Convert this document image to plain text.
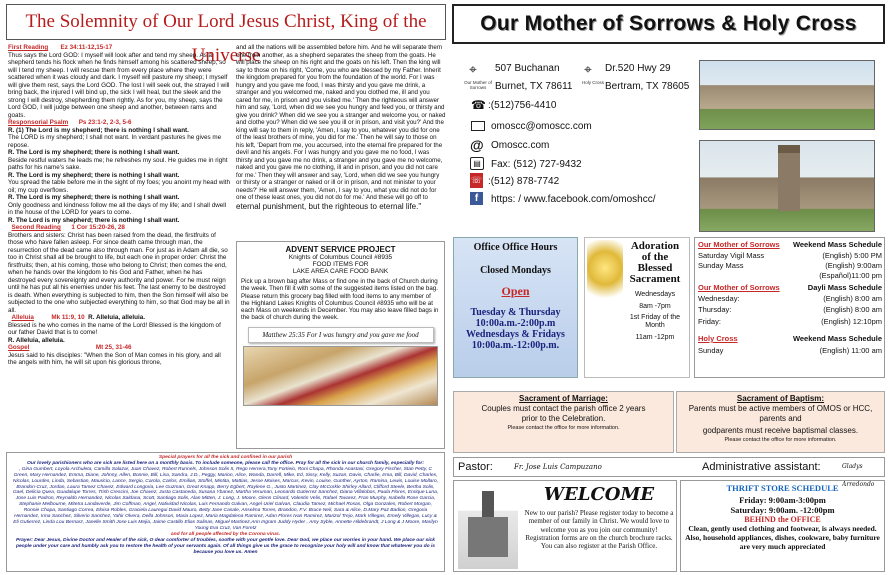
The Solemnity of Our Lord Jesus Christ, King of the Universe
First Reading Ez 34:11-12,15-17
Thus says the Lord GOD: I myself will look after and tend my sheep. As a shepherd tends his flock when he finds himself among his scattered sheep, so will I tend my sheep. I will rescue them from every place where they were scattered when it was cloudy and dark. I myself will pasture my sheep; I myself will give them rest, says the Lord GOD. The lost I will seek out, the strayed I will bring back, the injured I will bind up, the sick I will heal, but the sleek and the strong I will destroy, shepherding them rightly. As for you, my sheep, says the Lord GOD, I will judge between one sheep and another, between rams and goats.
Responsorial Psalm Ps 23:1-2, 2-3, 5-6
R. (1) The Lord is my shepherd; there is nothing I shall want.
The LORD is my shepherd; I shall not want. In verdant pastures he gives me repose.
R. The Lord is my shepherd; there is nothing I shall want.
Beside restful waters he leads me; he refreshes my soul. He guides me in right paths for his name's sake.
R. The Lord is my shepherd; there is nothing I shall want.
You spread the table before me in the sight of my foes; you anoint my head with oil; my cup overflows.
R. The Lord is my shepherd; there is nothing I shall want.
Only goodness and kindness follow me all the days of my life; and I shall dwell in the house of the LORD for years to come.
R. The Lord is my shepherd; there is nothing I shall want.
Second Reading 1 Cor 15:20-26, 28
Brothers and sisters: Christ has been raised from the dead, the firstfruits of those who have fallen asleep. For since death came through man, the resurrection of the dead came also through man. For just as in Adam all die, so too in Christ shall all be brought to life, but each one in proper order: Christ the firstfruits; then, at his coming, those who belong to Christ; then comes the end, when he hands over the kingdom to his God and Father, when he has destroyed every sovereignty and every authority and power. For he must reign until he has put all his enemies under his feet. The last enemy to be destroyed is death. When everything is subjected to him, then the Son himself will also be subjected to the one who subjected everything to him, so that God may be all in all.
Alleluia	Mk 11:9, 10 R. Alleluia, alleluia.
Blessed is he who comes in the name of the Lord! Blessed is the kingdom of our father David that is to come!
R. Alleluia, alleluia.
Gospel	Mt 25, 31-46
Jesus said to his disciples: "When the Son of Man comes in his glory, and all the angels with him, he will sit upon his glorious throne,
and all the nations will be assembled before him. And he will separate them one from another, as a shepherd separates the sheep from the goats. He will place the sheep on his right and the goats on his left. Then the king will say to those on his right, 'Come, you who are blessed by my Father. Inherit the kingdom prepared for you from the foundation of the world. For I was hungry and you gave me food, I was thirsty and you gave me drink, a stranger and you welcomed me, naked and you clothed me, ill and you cared for me, in prison and you visited me.' Then the righteous will answer him and say, 'Lord, when did we see you hungry and feed you, or thirsty and give you drink? When did we see you a stranger and welcome you, or naked and clothe you? When did we see you ill or in prison, and visit you?' And the king will say to them in reply, 'Amen, I say to you, whatever you did for one of the least brothers of mine, you did for me.' Then he will say to those on his left, 'Depart from me, you accursed, into the eternal fire prepared for the devil and his angels. For I was hungry and you gave me no food, I was thirsty and you gave me no drink, a stranger and you gave me no welcome, naked and you gave me no clothing, ill and in prison, and you did not care for me.' Then they will answer and say, 'Lord, when did we see you hungry or thirsty or a stranger or naked or ill or in prison, and not minister to your needs?' He will answer them, 'Amen, I say to you, what you did not do for one of these least ones, you did not do for me.' And these will go off to
eternal punishment, but the righteous to eternal life."
ADVENT SERVICE PROJECT
Knights of Columbus Council #8935
FOOD ITEMS FOR
LAKE AREA CARE FOOD BANK
Pick up a brown bag after Mass or find one in the back of Church during the week. Then fill it with some of the suggested items listed on the bag. Please return this grocery bag filled with food items to any member of the Highland Lakes Knights of Columbus Council #8935 who will be at each Mass on weekends in December. You may also leave filled bags in the back of church during the week.
Matthew 25:35 For I was hungry and you gave me food
Special prayers for all the sick and confined in our parish
Our lovely parishioners who are sick are listed here on a monthly basis. To include someone, please call the office. Pray for all the sick in our church family, especially for:
, Gina Gumbert, Loyola Archuleta, Camilla Salazar, Juan Chavez, Robert Runnels, Johnson Solis II, Rego Herrera,Tony Fortieio, Roni Chapa, Rhonda Anastasi, Gregory Fischer, Stan Petty, C Green, Mary Hernandez, Emma, Diane, Johnny, Allen, Bonnie, Bill, Lisa, Sandra, J.D., Peggy, Marion, Alice, Wanda, Darrell, Mike, Ed, Sissy, Kelly, Suzan, Davis, Charlie, Irma, Bill, David, Charles, Nicolas, Lourdes, Linda, Sebastian, Mauricio, Lance, Sergio, Carola, Carlos, Emilian, Stoffel, Mintita, Mattias, Jesse Moises, Marcus, Kevin, Louise, Gunther, Ayrton, Ramina, Lewis, Louise Mollaro, Brandon-Cruz, Jordan, Laura Tamez Chavez, Edward Longoria, Lee Guzman, Great Knapp, Berry Egbert, Raylene G., Justo Martinez, Clay McCorkle Shirley Allard, Clifford Steele, Bertha Solis, Gael, Delicia Quea, Guadalupe Torres, Trish Crescini, Joe Chavez, Justa Castaneda, Susana Ybanez, Martha Veruman, Leonardo Gutierrez Sanchez, Diana Villalobos, Paula Flores, Enrique Luna, Jose Luis Padron, Reynaldo Hernandez, Nicolas Saldana, Scott, Santiago Solis, Alan Mitten, J. Long, J. Moore, Glenn Clinard, Valentin Velis, Rafael Tavarez, Fran Murphy, Isabella Rose Garcia, Stephanie Melbourne, Mitetra Landaverde, Jim Coffman, Angel, Natividad Nicolas, Luis Fernando Galvan, Angel Uriel Galvan, Claudia Tamez, Michael Rosas, Olga Gonzales, Robert Morgan, Ronnie Chapa, Santiago Correa, Eloisa Robles, Graciela Lauregui David Mauro, Betty Jane Casale, Anselma Torres, Brandon, F.V. Bruce Neil, Sara & Alice, D.Mary Paz Badion, Gregoria Hernandez, Irma Sanchez, Silverio Sanchez, Yahir Olvera, Della Johnson, Maria Lopez, Maria Magdalena Ramirez, Adan Flores Ivan Ramirez, Marizol Trejo, Mark Villegas, Emely Villegas, Lucy & Eli Gutierrez, Linda Lou Bernarz, Janelle Smith Jose Luis Mejia, Jaime Castillo Elias Salinas, Miguel Martinez,Ann Ingram Juddy Hyder , Amy Syble, Annette Hildebrandt, J Long & J Moore, Marilyn Young Eva Cruz, Van Foretz
and for all people affected by the Corona virus.
Prayer: Dear Jesus, Divine Doctor and Healer of the sick, O dear comforter of troubles, soothe with your gentle love. Dear God, we place our worries in your hand. We place our sick people under your care and humbly ask you to restore the health of your servants again. Of all things give us the grace to recognize your holy will and know that whatever you do is because you love us. Amen
Our Mother of Sorrows & Holy Cross
⌖
Our Mother of Sorrows
507 Buchanan
Burnet, TX 78611
⌖
Holy Cross
Dr.520 Hwy 29
Bertram, TX 78605
☎ :(512)756-4410
omoscc@omoscc.com
@ Omoscc.com
▤	Fax: (512) 727-9432
☏ :(512) 878-7742
f	https: / www.facebook.com/omoshcc/
Office Office Hours
Closed Mondays
Open
Tuesday & Thursday
10:00a.m.-2:00p.m
Wednesdays & Fridays
10:00a.m.-12:00p.m.
Adoration
of the
Blessed
Sacrament
Wednesdays
8am -7pm
1st Friday of the Month
11am -12pm
Our Mother of Sorrows Weekend Mass Schedule
Saturday Vigil Mass	(English) 5:00 PM
Sunday Mass	(English) 9:00am
(Español)11:00 pm
Our Mother of Sorrows	Dayli Mass Schedule
Wednesday:	(English) 8:00 am
Thursday:	(English) 8:00 am
Friday:	(English) 12:10pm
Holy Cross	Weekend Mass Schedule
Sunday	(English) 11:00 am
Sacrament of Marriage:
Couples must contact the parish office 2 years prior to the Celebration.
Please contact the office for more information.
Sacrament of Baptism:
Parents must be active members of OMOS or HCC, parents and
godparents must receive baptismal classes.
Please contact the office for more information.
Pastor:	Fr. Jose Luis Campuzano	Administrative assistant:	Gladys Arredondo
WELCOME
New to our parish? Please register today to become a member of our family in Christ. We would love to welcome you as you join our community! Registration forms are on the church brochure racks. You can also register at the Parish Office.
THRIFT STORE SCHEDULE
Friday: 9:00am-3:00pm
Saturday: 9:00am. -12:00pm
BEHIND the OFFICE
Clean, gently used clothing and footwear, is always needed. Also, household appliances, dishes, cookware, baby furniture are very much appreciated
